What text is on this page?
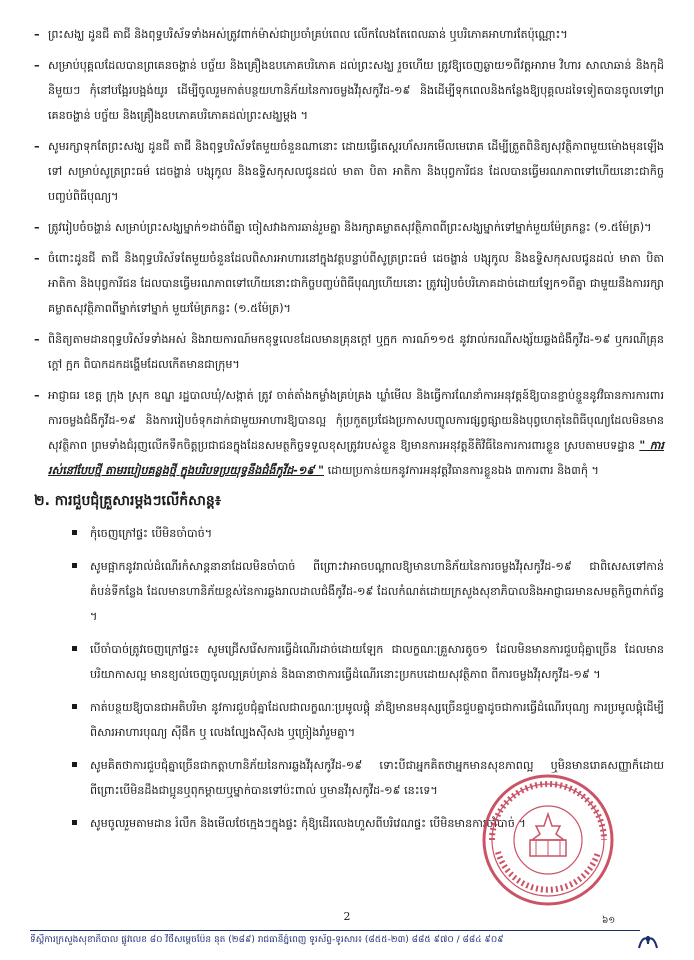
– ព្រះសង្ឃ ដូនជី តាជី និងពុទ្ធបរិស័ទទាំងអស់ត្រូវពាក់ម៉ាស់ជាប្រចាំគ្រប់ពេល លើកលែងតែពេលឆាន់ ឬបរិភោគអាហារតែប៉ុណ្ណោះ។
– សម្រាប់បុគ្គលដែលបានព្រគេនចង្ហាន់ បច្ច័យ និងគ្រឿងឧបភោគបរិភោគ ដល់ព្រះសង្ឃ រួចហើយ ត្រូវឱ្យចេញឆ្ងាយ១ពីវត្តអារាម វិហារ សាលាឆាន់ និងកុដិ និមួយៗ កុំនៅបង្អែរបង្អង់យូរ ដើម្បីចូលរួមកាត់បន្ថយហានិភ័យនៃការចម្លងវីរុសកូវីដ-១៩ និងដើម្បីទុកពេលនិងកន្លែងឱ្យបុគ្គលដទៃទៀតបានចូលទៅព្រគេនចង្ហាន់ បច្ច័យ និងគ្រឿងឧបភោគបរិភោគដល់ព្រះសង្ឃម្តង ។
– សូមរក្សាទុកតែព្រះសង្ឃ ដូនជី តាជី និងពុទ្ធបរិស័ទតែមួយចំនួនណានោះ ដោយធ្វើតេស្តរហ័សរកមើលមេរោគ ដើម្បីត្រួតពិនិត្យសុវត្ថិភាពមួយម៉ោងមុនឡើងទៅ សម្រាប់សូត្រព្រះធម៌ ដេចង្ហាន់ បង្សុកូល និងឧទ្ទិសកុសលជូនដល់ មាតា បិតា អាតិកា និងបុព្វការីជន ដែលបានធ្វើមរណភាពទៅហើយនោះជាកិច្ចបញ្ចប់ពិធីបុណ្យ។
– ត្រូវរៀបចំចង្ហាន់ សម្រាប់ព្រះសង្ឃម្នាក់១ដាច់ពីគ្នា ចៀសវាងការឆាន់រួមគ្នា និងរក្សាគម្លាតសុវត្ថិភាពពីព្រះសង្ឃម្នាក់ទៅម្នាក់មួយម៉ែត្រកន្លះ (១.៥ម៉ែត្រ)។
– ចំពោះដូនជី តាជី និងពុទ្ធបរិស័ទតែមួយចំនួនដែលពិសារអាហារនៅក្នុងវត្តបន្ទាប់ពីសូត្រព្រះធម៌ ដេចង្ហាន់ បង្សុកូល និងឧទ្ទិសកុសលជូនដល់ មាតា បិតា អាតិកា និងបុព្វការីជន ដែលបានធ្វើមរណភាពទៅហើយនោះជាកិច្ចបញ្ចប់ពិធីបុណ្យហើយនោះ ត្រូវរៀបចំបរិភោគដាច់ដោយឡែក១ពីគ្នា ជាមួយនឹងការរក្សាគម្លាតសុវត្ថិភាពពីម្នាក់ទៅម្នាក់ មួយម៉ែត្រកន្លះ (១.៥ម៉ែត្រ)។
– ពិនិត្យតាមដានពុទ្ធបរិស័ទទាំងអស់ និងរាយការណ៍មកខុទ្ទលេខដែលមានគ្រុនក្តៅ ឬក្អក ការណ៍១១៥ នូវរាល់ករណីសង្ស័យឆ្លងជំងឺកូវីដ-១៩ ឬករណីគ្រុនក្តៅ ក្អក ពិបាកដកដង្ហើមដែលកើតមានជាក្រុម។
– អាជ្ញាធរ ខេត្ត ក្រុង ស្រុក ខណ្ឌ រដ្ឋបាលឃុំ/សង្កាត់ ត្រូវ ចាត់តាំងកម្លាំងគ្រប់គ្រង ឃ្លាំមើល និងធ្វើការណែនាំការអនុវត្តន៍ឱ្យបានខ្ជាប់ខ្ជួននូវវិធានការការពារការចម្លងជំងឺកូវីដ-១៩ និងការរៀបចំទុកដាក់ជាមួយអាហារឱ្យបានល្អ កុំប្រកួតប្រជែងប្រកាសបញ្ចូលការផ្សព្វផ្សាយនិងបុព្វហេតុនៃពិធីបុណ្យដែលមិនមានសុវត្ថិភាព ព្រមទាំងជំរុញលើកទឹកចិត្តប្រជាជនក្នុងដែនសមត្ថកិច្ចទទួលខុសត្រូវរបស់ខ្លួន ឱ្យមានការអនុវត្តនីតិវិធីនៃការការពារខ្លួន ស្របតាមបទដ្ឋាន " ការរស់នៅបែបថ្មី តាមរបៀបគន្លងថ្មី ក្នុងបរិបទប្រយុទ្ធនឹងជំងឺកូវីដ-១៩ " ដោយប្រកាន់យកនូវការអនុវត្តវិធានការខ្លួនឯង ៣ការពារ និង៣កុំ ។
២. ការជួបជុំគ្រួសារម្តងៗលើកំសាន្ត៖
កុំចេញក្រៅផ្ទះ បើមិនចាំបាច់។
សូមផ្អាកនូវរាល់ដំណើរកំសាន្តនានាដែលមិនចាំបាច់ ពីព្រោះវាអាចបណ្តាលឱ្យមានហានិភ័យនៃការចម្លងវីរុសកូវីដ-១៩ ជាពិសេសទៅកាន់តំបន់ទីកន្លែង ដែលមានហានិភ័យខ្ពស់នៃការឆ្លងរាលដាលជំងឺកូវីដ-១៩ ដែលកំណត់ដោយក្រសួងសុខាភិបាលនិងអាជ្ញាធរមានសមត្ថកិច្ចពាក់ព័ន្ធ ។
បើចាំបាច់ត្រូវចេញក្រៅផ្ទះ៖ សូមជ្រើសរើសការធ្វើដំណើរដាច់ដោយឡែក ជាលក្ខណៈគ្រួសារតូច១ ដែលមិនមានការជួបជុំគ្នាច្រើន ដែលមានបរិយាកាសល្អ មានខ្យល់ចេញចូលល្អគ្រប់គ្រាន់ និងធានាថាការធ្វើដំណើរនោះប្រកបដោយសុវត្ថិភាព ពីការចម្លងវីរុសកូវីដ-១៩ ។
កាត់បន្ថយឱ្យបានជាអតិបរិមា នូវការជួបជុំគ្នាដែលជាលក្ខណៈប្រមូលផ្តុំ នាំឱ្យមានមនុស្សច្រើនជួបគ្នាដូចជាការធ្វើដំណើរបុណ្យ ការប្រមូលផ្តុំដើម្បីពិសារអាហារបុណ្យ ស៊ីផឹក ឬ លេងល្បែងស៊ីសង ឬច្រៀងរាំរួមគ្នា។
សូមគិតថាការជួបជុំគ្នាច្រើនជាកត្តាហានិភ័យនៃការឆ្លងវីរុសកូវីដ-១៩ ទោះបីជាអ្នកគិតថាអ្នកមានសុខភាពល្អ ឬមិនមានរោគសញ្ញាក៏ដោយ ពីព្រោះបើមិនដឹងជាប្អូនឬពុកម្តាយឬម្នាក់បានទៅប៉ះពាល់ ឬមានវីរុសកូវីដ-១៩ នេះទេ។
សូមចូលរួមតាមដាន រំលឹក និងមើលថែក្មេងៗក្នុងផ្ទះ កុំឱ្យដើរលេងហួសពីបរិវេណផ្ទះ បើមិនមានការចាំបាច់ ។
2	៦១
ទីស្តីការក្រសួងសុខាភិបាល ផ្លូវលេខ ៨០ វិថីសម្តេចប៉ែន នុត (២៨៩) រាជធានីភ្នំពេញ ទូរស័ព្ទ-ទូរសារ៖ (៨៥៥-២៣) ៨៨៥ ៩៧០ / ៨៨៤ ៩០៩
